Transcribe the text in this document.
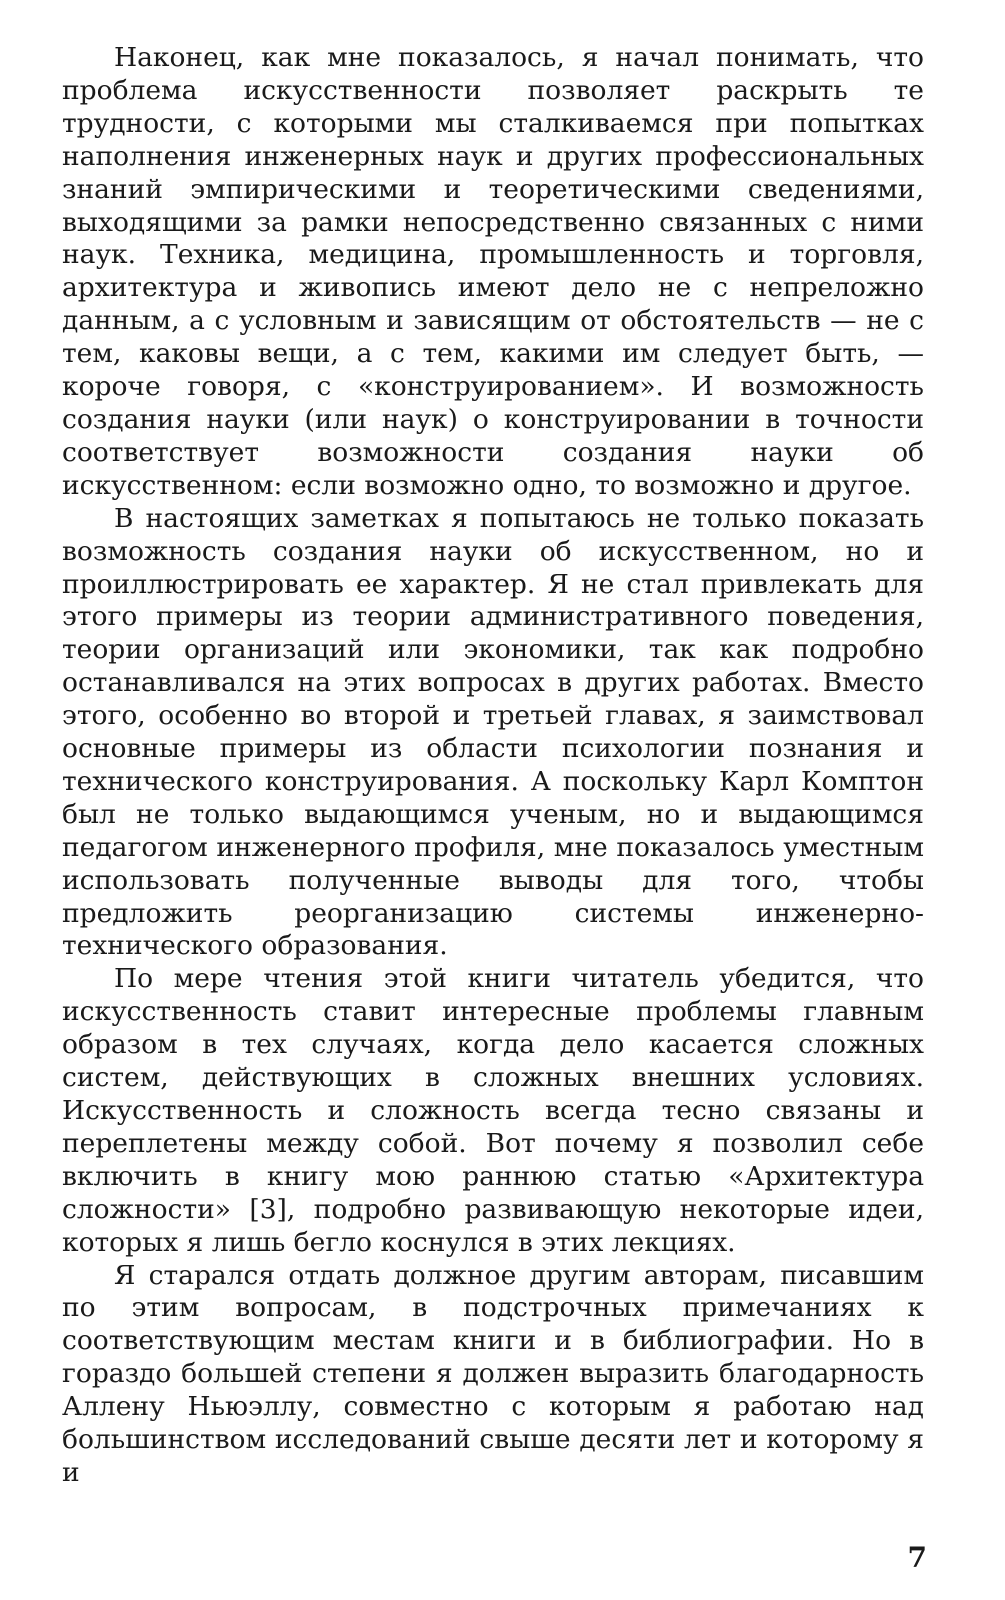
Наконец, как мне показалось, я начал понимать, что проблема искусственности позволяет раскрыть те трудности, с которыми мы сталкиваемся при попытках наполнения инженерных наук и других профессиональных знаний эмпирическими и теоретическими сведениями, выходящими за рамки непосредственно связанных с ними наук. Техника, медицина, промышленность и торговля, архитектура и живопись имеют дело не с непреложно данным, а с условным и зависящим от обстоятельств — не с тем, каковы вещи, а с тем, какими им следует быть, — короче говоря, с «конструированием». И возможность создания науки (или наук) о конструировании в точности соответствует возможности создания науки об искусственном: если возможно одно, то возможно и другое.

В настоящих заметках я попытаюсь не только показать возможность создания науки об искусственном, но и проиллюстрировать ее характер. Я не стал привлекать для этого примеры из теории административного поведения, теории организаций или экономики, так как подробно останавливался на этих вопросах в других работах. Вместо этого, особенно во второй и третьей главах, я заимствовал основные примеры из области психологии познания и технического конструирования. А поскольку Карл Комптон был не только выдающимся ученым, но и выдающимся педагогом инженерного профиля, мне показалось уместным использовать полученные выводы для того, чтобы предложить реорганизацию системы инженерно-технического образования.

По мере чтения этой книги читатель убедится, что искусственность ставит интересные проблемы главным образом в тех случаях, когда дело касается сложных систем, действующих в сложных внешних условиях. Искусственность и сложность всегда тесно связаны и переплетены между собой. Вот почему я позволил себе включить в книгу мою раннюю статью «Архитектура сложности» [3], подробно развивающую некоторые идеи, которых я лишь бегло коснулся в этих лекциях.

Я старался отдать должное другим авторам, писавшим по этим вопросам, в подстрочных примечаниях к соответствующим местам книги и в библиографии. Но в гораздо большей степени я должен выразить благодарность Аллену Ньюэллу, совместно с которым я работаю над большинством исследований свыше десяти лет и которому я и

7
